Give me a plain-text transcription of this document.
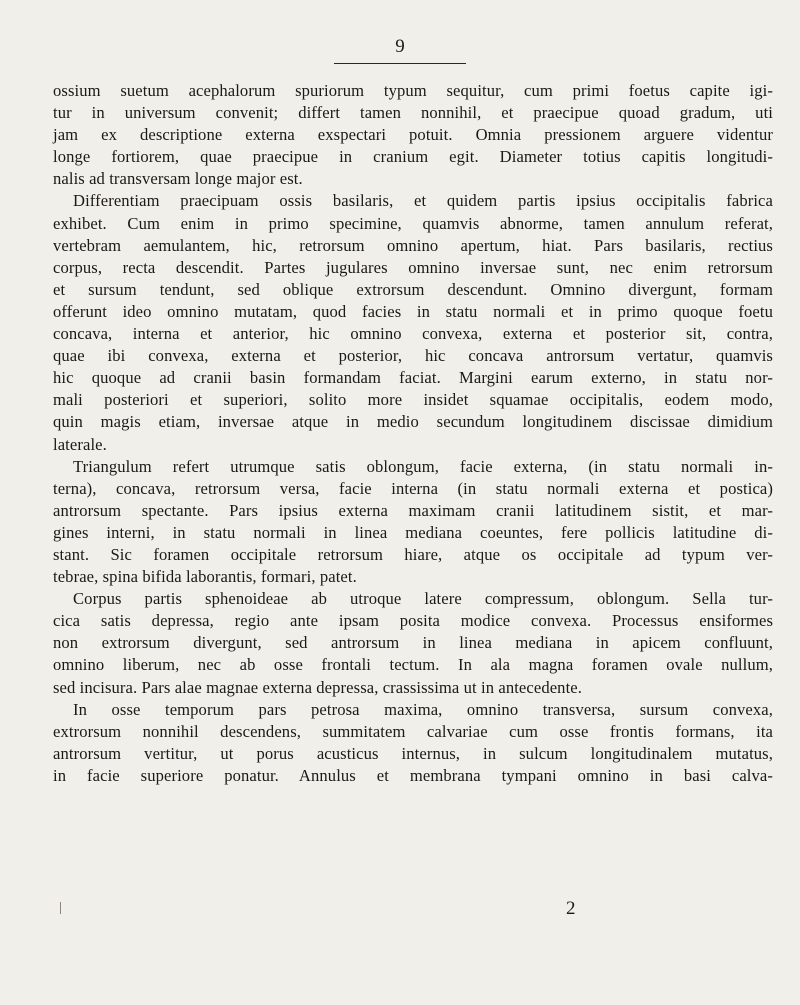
9
ossium suetum acephalorum spuriorum typum sequitur, cum primi foetus capite igi-
tur in universum convenit; differt tamen nonnihil, et praecipue quoad gradum, uti
jam ex descriptione externa exspectari potuit. Omnia pressionem arguere videntur
longe fortiorem, quae praecipue in cranium egit. Diameter totius capitis longitudi-
nalis ad transversam longe major est.
Differentiam praecipuam ossis basilaris, et quidem partis ipsius occipitalis fabrica
exhibet. Cum enim in primo specimine, quamvis abnorme, tamen annulum referat,
vertebram aemulantem, hic, retrorsum omnino apertum, hiat. Pars basilaris, rectius
corpus, recta descendit. Partes jugulares omnino inversae sunt, nec enim retrorsum
et sursum tendunt, sed oblique extrorsum descendunt. Omnino divergunt, formam
offerunt ideo omnino mutatam, quod facies in statu normali et in primo quoque foetu
concava, interna et anterior, hic omnino convexa, externa et posterior sit, contra,
quae ibi convexa, externa et posterior, hic concava antrorsum vertatur, quamvis
hic quoque ad cranii basin formandam faciat. Margini earum externo, in statu nor-
mali posteriori et superiori, solito more insidet squamae occipitalis, eodem modo,
quin magis etiam, inversae atque in medio secundum longitudinem discissae dimidium
laterale.
Triangulum refert utrumque satis oblongum, facie externa, (in statu normali in-
terna), concava, retrorsum versa, facie interna (in statu normali externa et postica)
antrorsum spectante. Pars ipsius externa maximam cranii latitudinem sistit, et mar-
gines interni, in statu normali in linea mediana coeuntes, fere pollicis latitudine di-
stant. Sic foramen occipitale retrorsum hiare, atque os occipitale ad typum ver-
tebrae, spina bifida laborantis, formari, patet.
Corpus partis sphenoideae ab utroque latere compressum, oblongum. Sella tur-
cica satis depressa, regio ante ipsam posita modice convexa. Processus ensiformes
non extrorsum divergunt, sed antrorsum in linea mediana in apicem confluunt,
omnino liberum, nec ab osse frontali tectum. In ala magna foramen ovale nullum,
sed incisura. Pars alae magnae externa depressa, crassissima ut in antecedente.
In osse temporum pars petrosa maxima, omnino transversa, sursum convexa,
extrorsum nonnihil descendens, summitatem calvariae cum osse frontis formans, ita
antrorsum vertitur, ut porus acusticus internus, in sulcum longitudinalem mutatus,
in facie superiore ponatur. Annulus et membrana tympani omnino in basi calva-
2
